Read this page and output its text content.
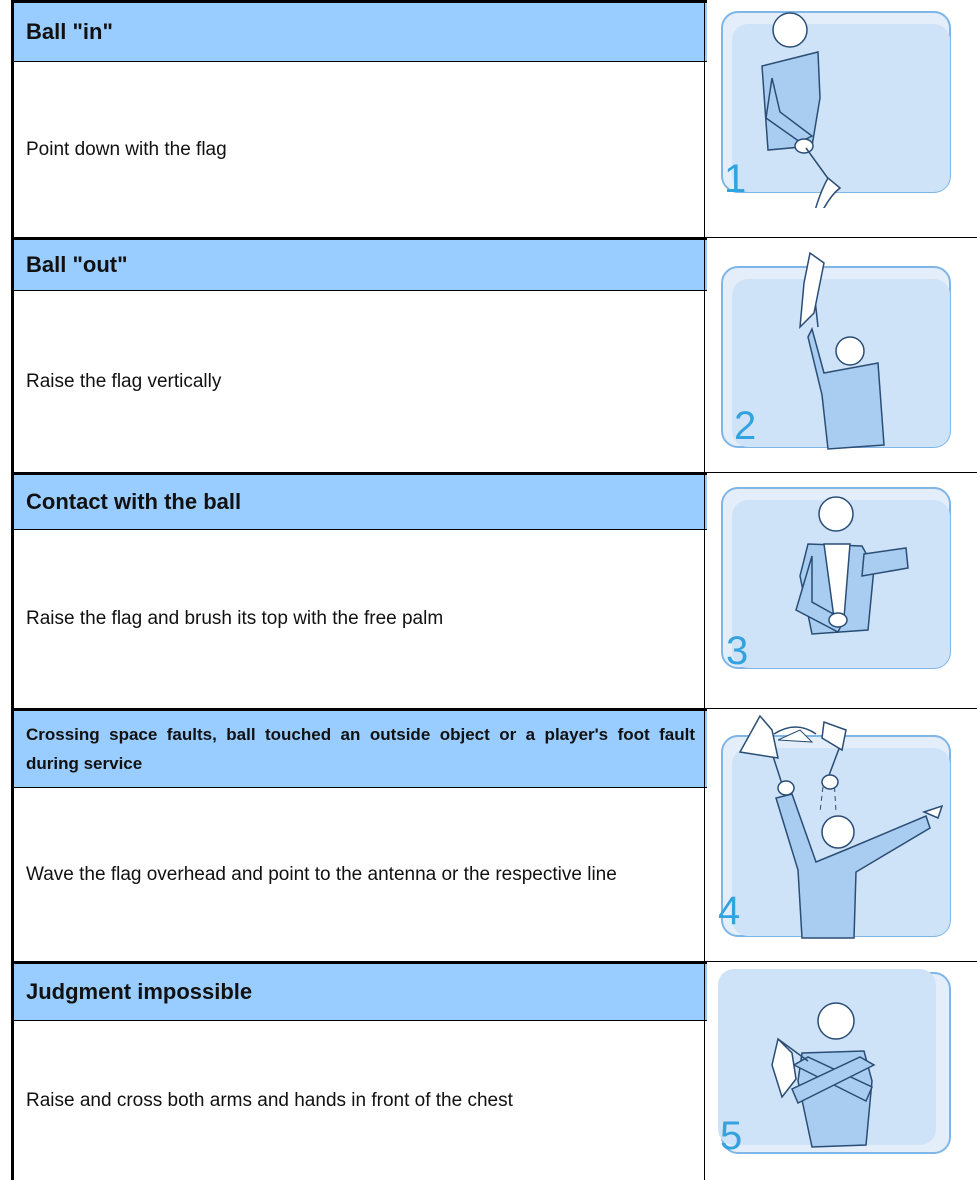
Ball "in"
Point down with the flag
1
Ball "out"
Raise the flag vertically
2
Contact with the ball
Raise the flag and brush its top with the free palm
3
Crossing space faults, ball touched an outside object or a player's foot fault during service
Wave the flag overhead and point to the antenna or the respective line
4
Judgment impossible
Raise and cross both arms and hands in front of the chest
5
